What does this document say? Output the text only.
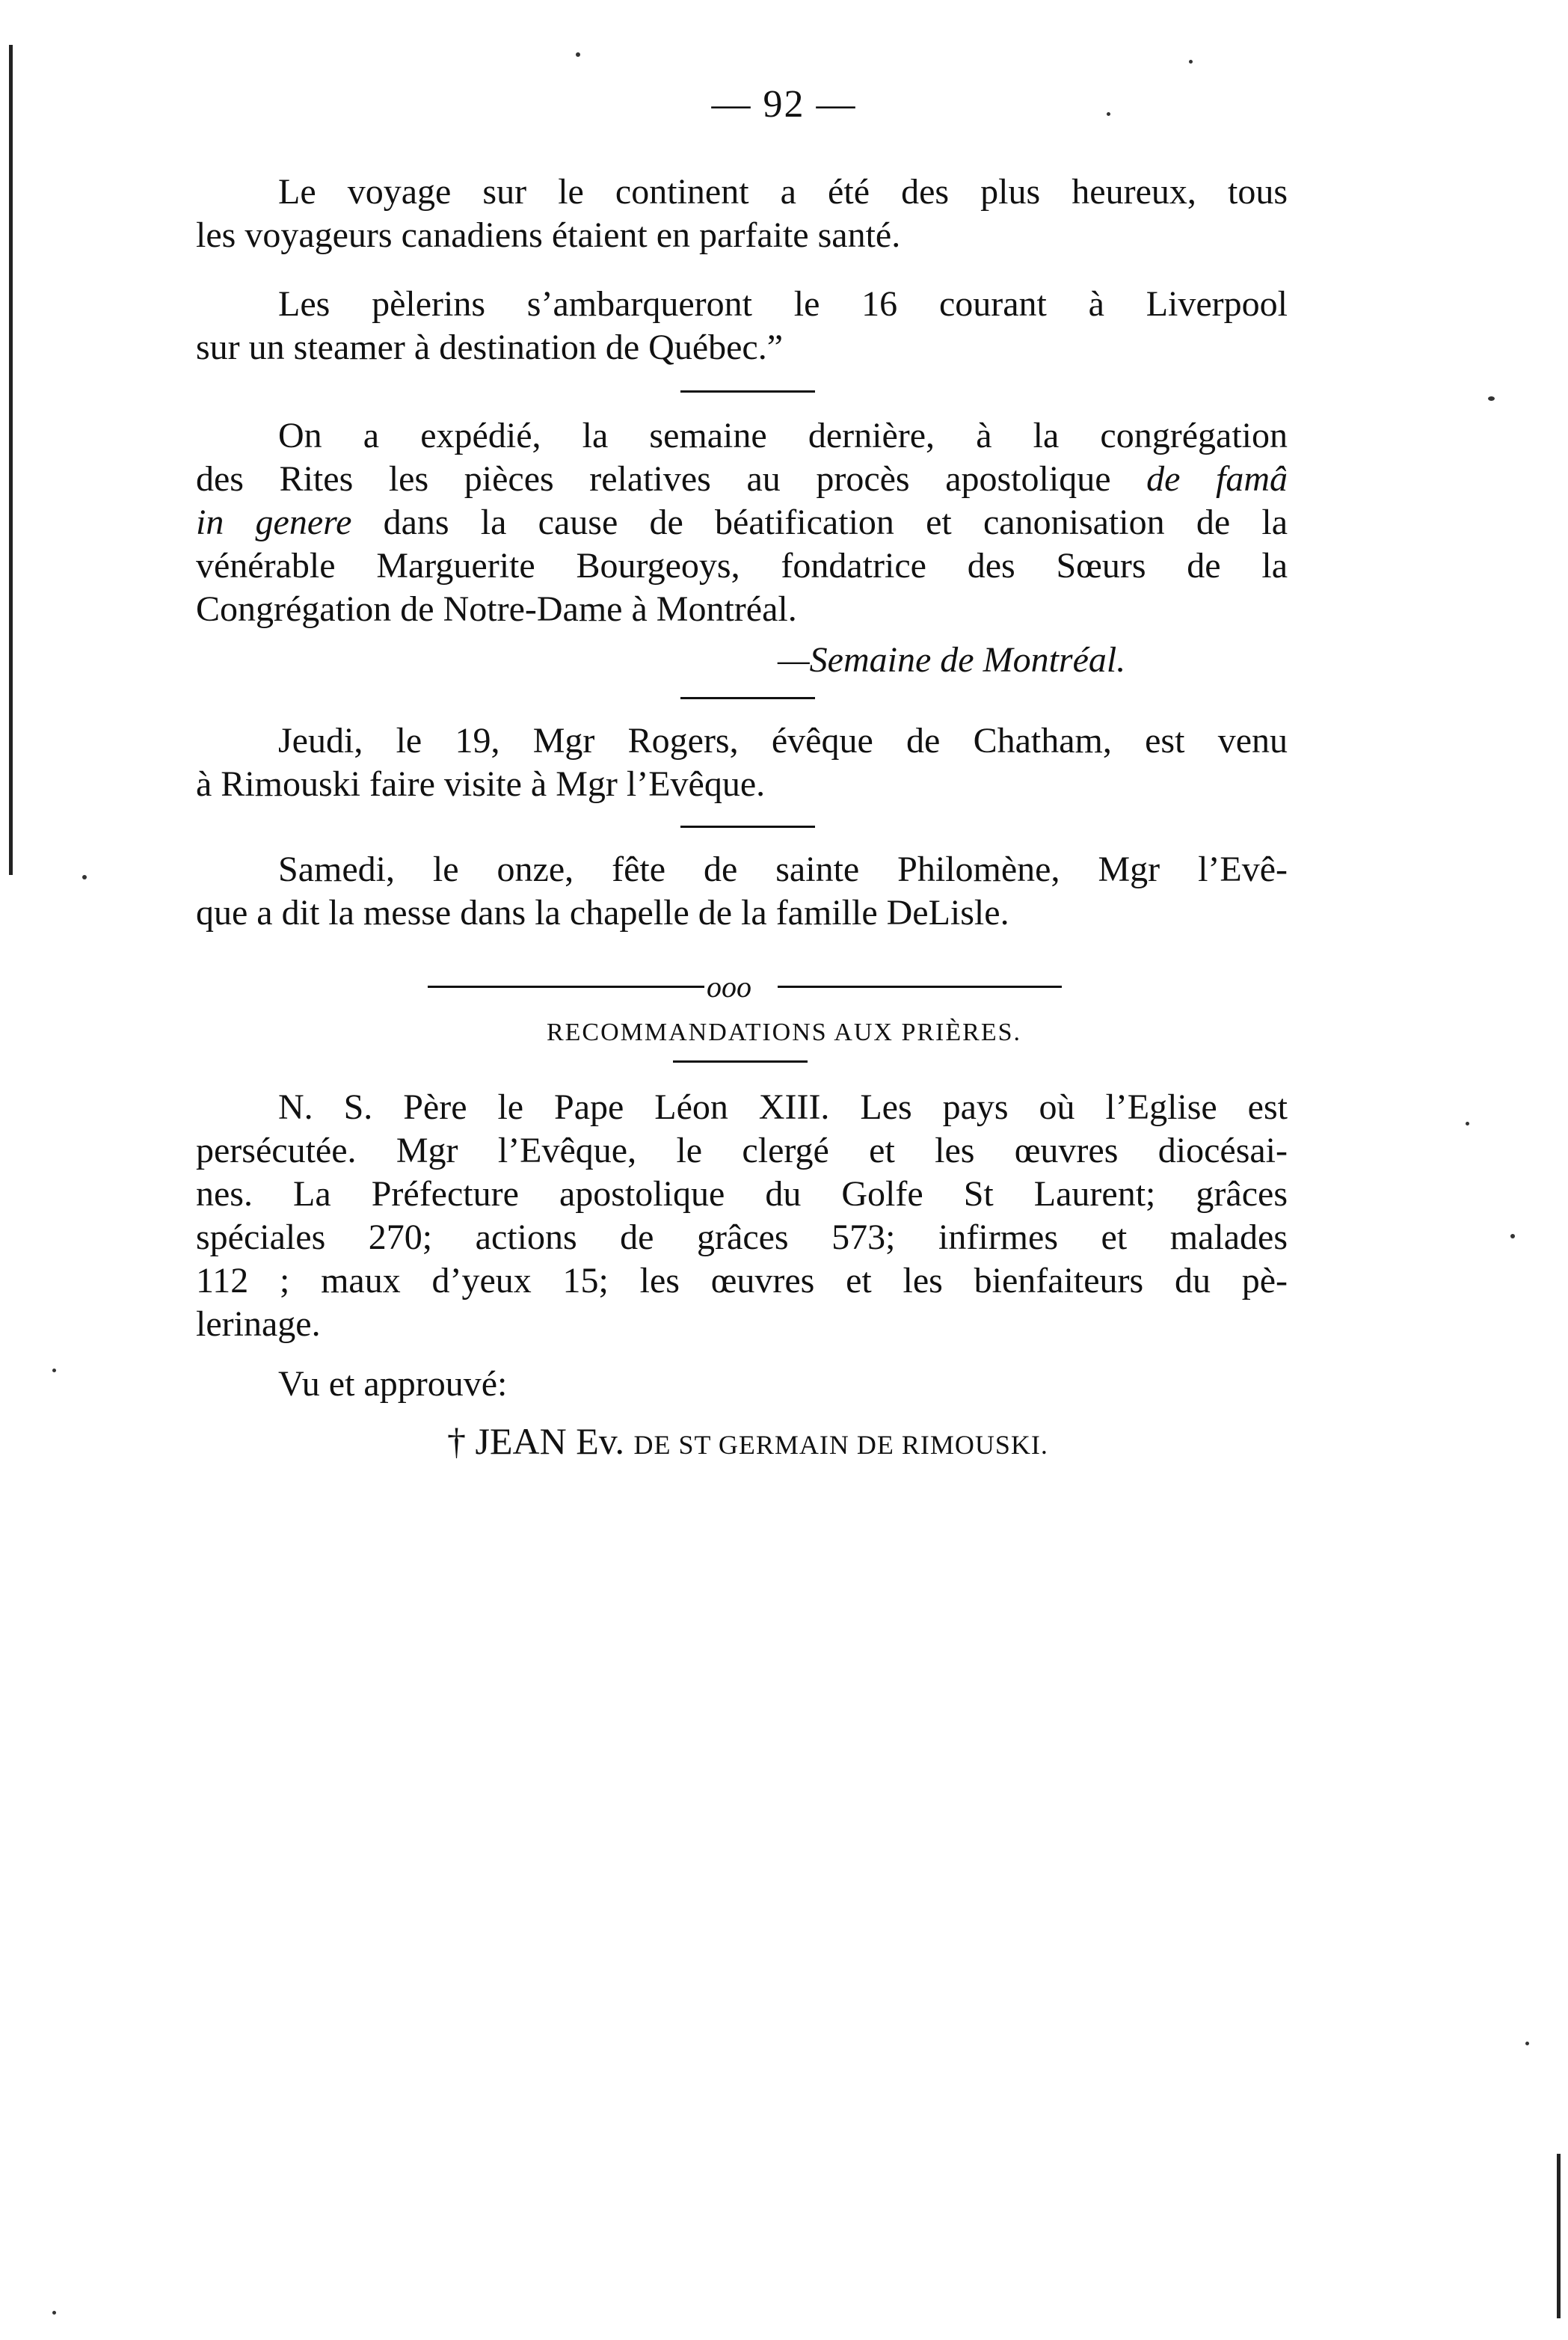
— 92 —
Le voyage sur le continent a été des plus heureux, tous
les voyageurs canadiens étaient en parfaite santé.
Les pèlerins s’ambarqueront le 16 courant à Liverpool
sur un steamer à destination de Québec.”
On a expédié, la semaine dernière, à la congrégation
des Rites les pièces relatives au procès apostolique de famâ
in genere dans la cause de béatification et canonisation de la
vénérable Marguerite Bourgeoys, fondatrice des Sœurs de la
Congrégation de Notre-Dame à Montréal.
—Semaine de Montréal.
Jeudi, le 19, Mgr Rogers, évêque de Chatham, est venu
à Rimouski faire visite à Mgr l’Evêque.
Samedi, le onze, fête de sainte Philomène, Mgr l’Evê-
que a dit la messe dans la chapelle de la famille DeLisle.
ooo
RECOMMANDATIONS AUX PRIÈRES.
N. S. Père le Pape Léon XIII. Les pays où l’Eglise est
persécutée. Mgr l’Evêque, le clergé et les œuvres diocésai-
nes. La Préfecture apostolique du Golfe St Laurent; grâces
spéciales 270; actions de grâces 573; infirmes et malades
112 ; maux d’yeux 15; les œuvres et les bienfaiteurs du pè-
lerinage.
Vu et approuvé:
† JEAN Ev. DE ST GERMAIN DE RIMOUSKI.
